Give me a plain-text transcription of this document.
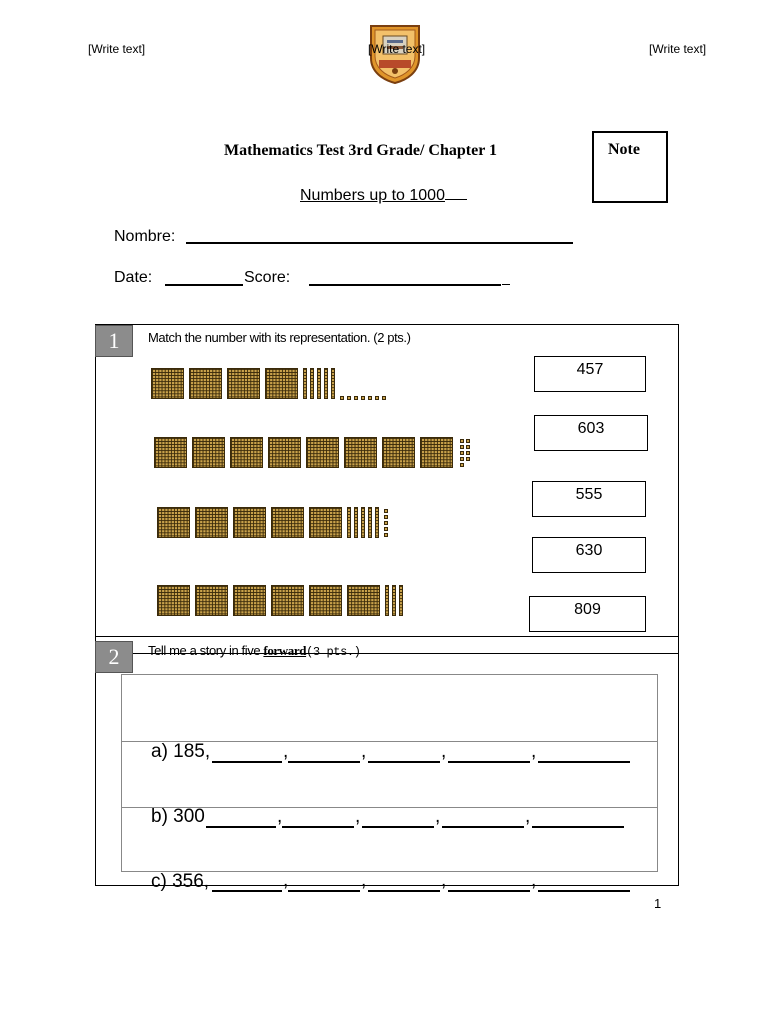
[Write text]	[Write text]
[Write text]
Mathematics Test 3rd Grade/ Chapter 1
Numbers up to 1000
Note
Nombre:
Date:	Score:
1	Match the number with its representation. (2 pts.)
457
603
555
630
809
2	Tell me a story in five forward(3 pts.)
a) 185,
b) 300
c) 356,
,	,	,	,
,	,	,	,
,	,	,	,
1
